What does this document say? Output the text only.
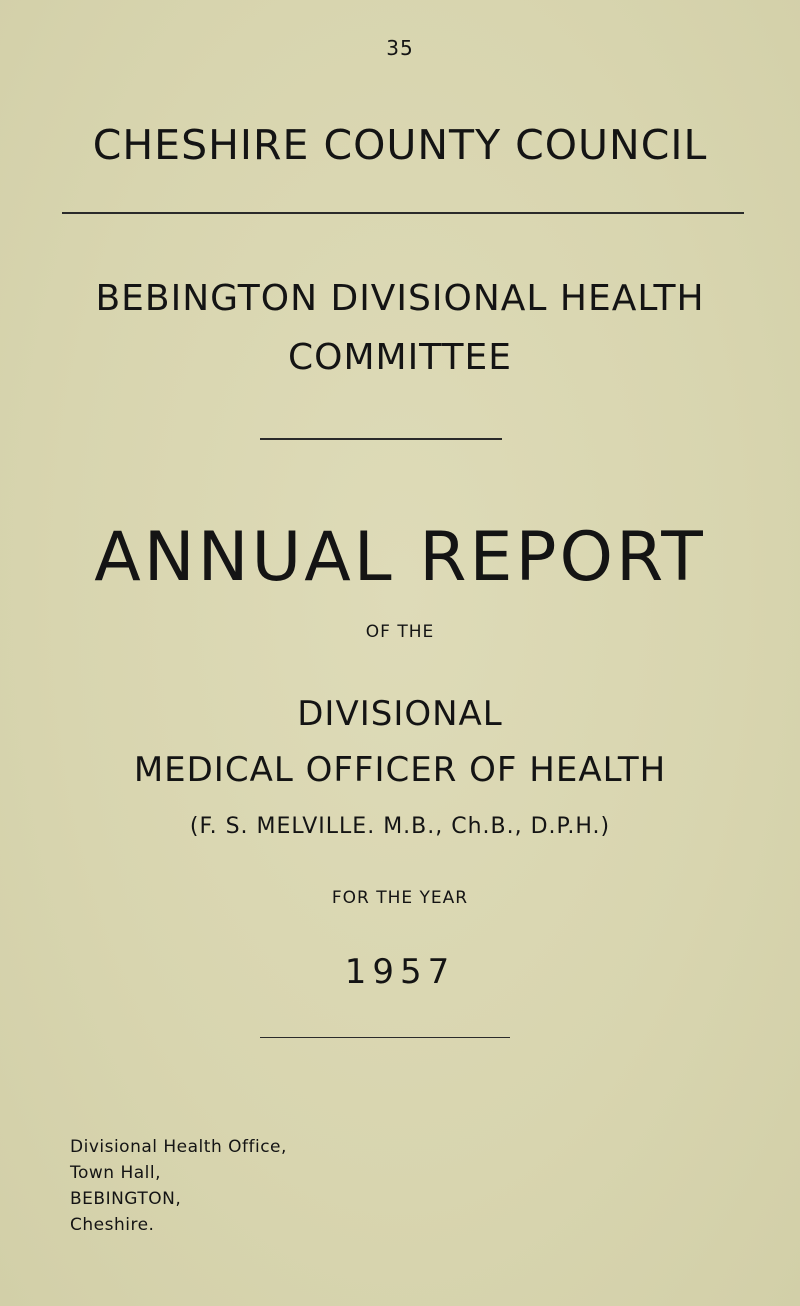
35
CHESHIRE COUNTY COUNCIL
BEBINGTON DIVISIONAL HEALTH
COMMITTEE
ANNUAL REPORT
OF THE
DIVISIONAL
MEDICAL OFFICER OF HEALTH
(F. S. MELVILLE. M.B., Ch.B., D.P.H.)
FOR THE YEAR
1957
Divisional Health Office,
Town Hall,
BEBINGTON,
Cheshire.
